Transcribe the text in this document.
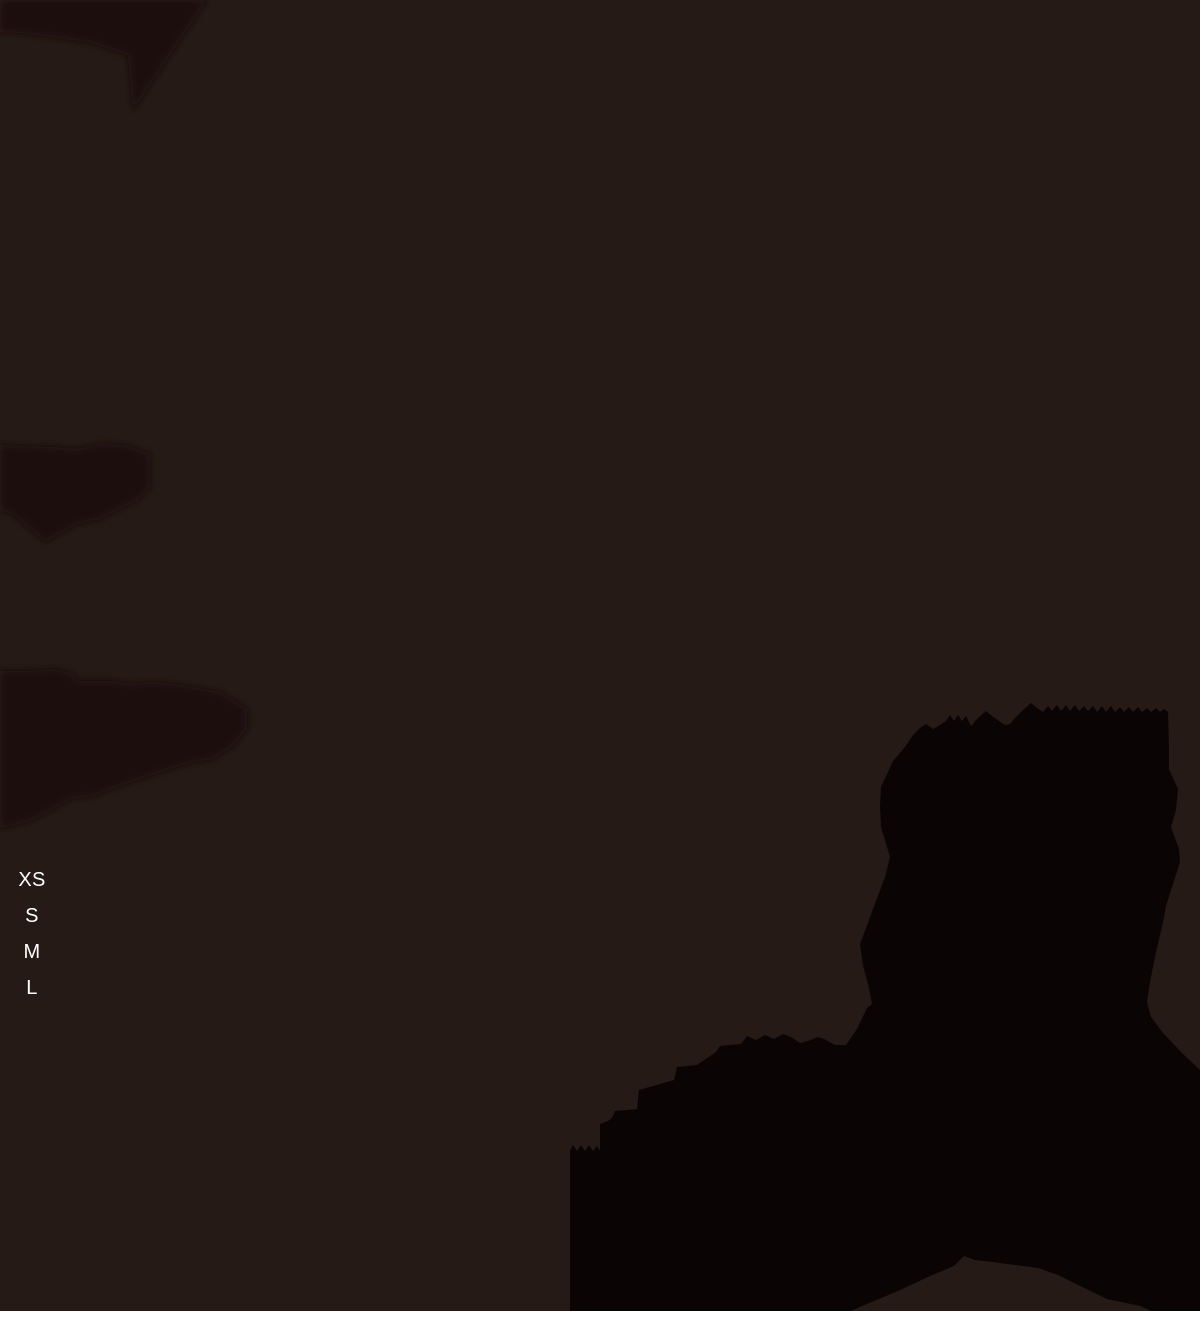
XS
S
M
L
